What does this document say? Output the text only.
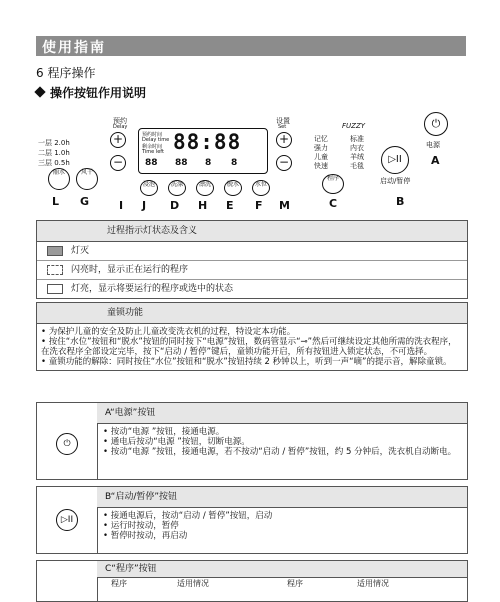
使用指南
6 程序操作
操作按钮作用说明
一层 2.0h
二层 1.0h
三层 0.5h
预约
Delay
+
−
预约时间
Delay time
剩余时间
Time left 88:88
88 88 8 8
设置
Set
+
−
记忆
强力
儿童
快速
FUZZY
标准
内衣
羊绒
毛毯
⏻
电源
▷II
启动/暂停
丽水	风干
浸泡	洗涤	漂洗	脱水	水位
程序
A
B
C
D	E F
G	H
I J
L	M
过程指示灯状态及含义
灯灭
闪亮时，显示正在运行的程序
灯亮，显示将要运行的程序或选中的状态
童锁功能
• 为保护儿童的安全及防止儿童改变洗衣机的过程，特设定本功能。
• 按住“水位”按钮和“脱水”按钮的同时按下“电源”按钮，数码管显示“⊸”然后可继续设定其他所需的洗衣程序，在洗衣程序全部设定完毕，按下“启动 / 暂停”键后，童锁功能开启，所有按钮进入锁定状态，不可选择。
• 童锁功能的解除：同时按住“水位”按钮和“脱水”按钮持续 2 秒钟以上，听到一声“嘀”的提示音，解除童锁。
⏻
A“电源”按钮
• 按动“电源 ”按钮，接通电源。
• 通电后按动“电源 ”按钮，切断电源。
• 按动“电源 ”按钮，接通电源，若不按动“启动 / 暂停”按钮，约 5 分钟后，洗衣机自动断电。
▷II
B“启动/暂停”按钮
• 接通电源后，按动“启动 / 暂停”按钮，启动
• 运行时按动，暂停
• 暂停时按动，再启动
C“程序”按钮
程序	适用情况	程序	适用情况
